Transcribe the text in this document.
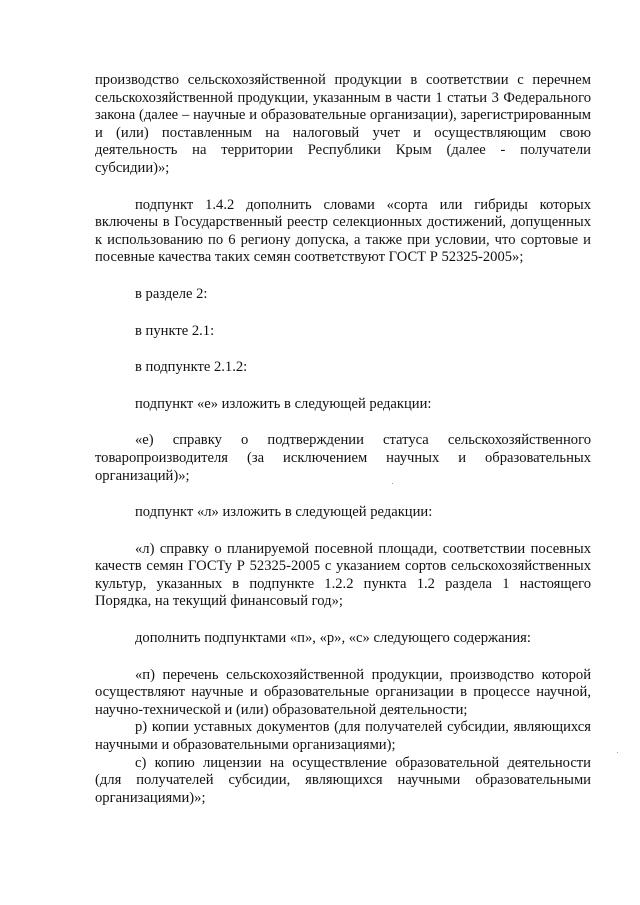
производство сельскохозяйственной продукции в соответствии с перечнем сельскохозяйственной продукции, указанным в части 1 статьи 3 Федерального закона (далее – научные и образовательные организации), зарегистрированным и (или) поставленным на налоговый учет и осуществляющим свою деятельность на территории Республики Крым (далее - получатели субсидии)»;

подпункт 1.4.2 дополнить словами «сорта или гибриды которых включены в Государственный реестр селекционных достижений, допущенных к использованию по 6 региону допуска, а также при условии, что сортовые и посевные качества таких семян соответствуют ГОСТ Р 52325-2005»;

в разделе 2:

в пункте 2.1:

в подпункте 2.1.2:

подпункт «е» изложить в следующей редакции:

«е) справку о подтверждении статуса сельскохозяйственного товаропроизводителя (за исключением научных и образовательных организаций)»;

подпункт «л» изложить в следующей редакции:

«л) справку о планируемой посевной площади, соответствии посевных качеств семян ГОСТу Р 52325-2005 с указанием сортов сельскохозяйственных культур, указанных в подпункте 1.2.2 пункта 1.2 раздела 1 настоящего Порядка, на текущий финансовый год»;

дополнить подпунктами «п», «р», «с» следующего содержания:

«п) перечень сельскохозяйственной продукции, производство которой осуществляют научные и образовательные организации в процессе научной, научно-технической и (или) образовательной деятельности;

р) копии уставных документов (для получателей субсидии, являющихся научными и образовательными организациями);

с) копию лицензии на осуществление образовательной деятельности (для получателей субсидии, являющихся научными образовательными организациями)»;
